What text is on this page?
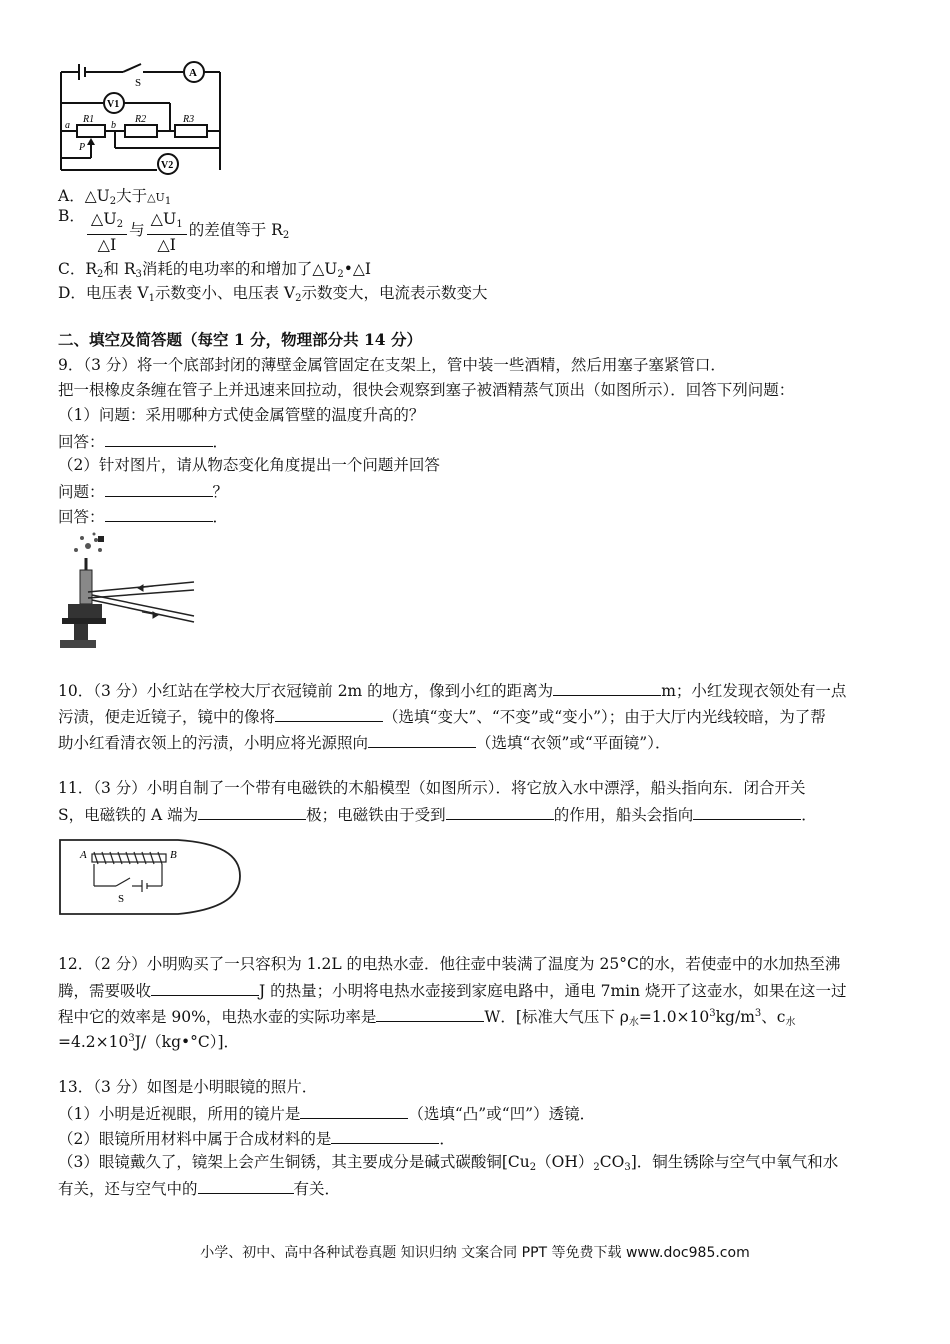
S
A
V1
V2
R1	R2	R3
a	b
P
A．$\triangle U_2$大于$\triangle U_1$
B． $\frac{\triangle U_2}{\triangle I}$ 与 $\frac{\triangle U_1}{\triangle I}$ 的差值等于 $R_2$
C．$R_2$和 $R_3$消耗的电功率的和增加了$\triangle U_2•\triangle I$
D．电压表 $V_1$示数变小、电压表 $V_2$示数变大，电流表示数变大
二、填空及简答题（每空 1 分，物理部分共 14 分）
9．（3 分）将一个底部封闭的薄壁金属管固定在支架上，管中装一些酒精，然后用塞子塞紧管口．
把一根橡皮条缠在管子上并迅速来回拉动，很快会观察到塞子被酒精蒸气顶出（如图所示）．回答下列问题：
（1）问题：采用哪种方式使金属管壁的温度升高的？
回答：	．
（2）针对图片，请从物态变化角度提出一个问题并回答
问题：	？
回答：	．
10．（3 分）小红站在学校大厅衣冠镜前 2m 的地方，像到小红的距离为	m；小红发现衣领处有一点
污渍，便走近镜子，镜中的像将	（选填“变大”、“不变”或“变小”）；由于大厅内光线较暗，为了帮
助小红看清衣领上的污渍，小明应将光源照向	（选填“衣领”或“平面镜”）．
11．（3 分）小明自制了一个带有电磁铁的木船模型（如图所示）．将它放入水中漂浮，船头指向东．闭合开关
S，电磁铁的 A 端为	极；电磁铁由于受到	的作用，船头会指向	．
A	B
S
12．（2 分）小明购买了一只容积为 1.2L 的电热水壶．他往壶中装满了温度为 25°C的水，若使壶中的水加热至沸
腾，需要吸收	J 的热量；小明将电热水壶接到家庭电路中，通电 7min 烧开了这壶水，如果在这一过
程中它的效率是 90%，电热水壶的实际功率是	W．[标准大气压下 $\rho_水=1.0\times 10^3kg/m^3$、$c_水$
$=4.2\times 10^3J/(kg•^\circ C)$]．
13．（3 分）如图是小明眼镜的照片．
（1）小明是近视眼，所用的镜片是	（选填“凸”或“凹”）透镜．
（2）眼镜所用材料中属于合成材料的是	．
（3）眼镜戴久了，镜架上会产生铜锈，其主要成分是碱式碳酸铜$[Cu_2(OH)_2CO_3]$．铜生锈除与空气中氧气和水
有关，还与空气中的	有关．
小学、初中、高中各种试卷真题 知识归纳 文案合同 PPT 等免费下载 www.doc985.com
